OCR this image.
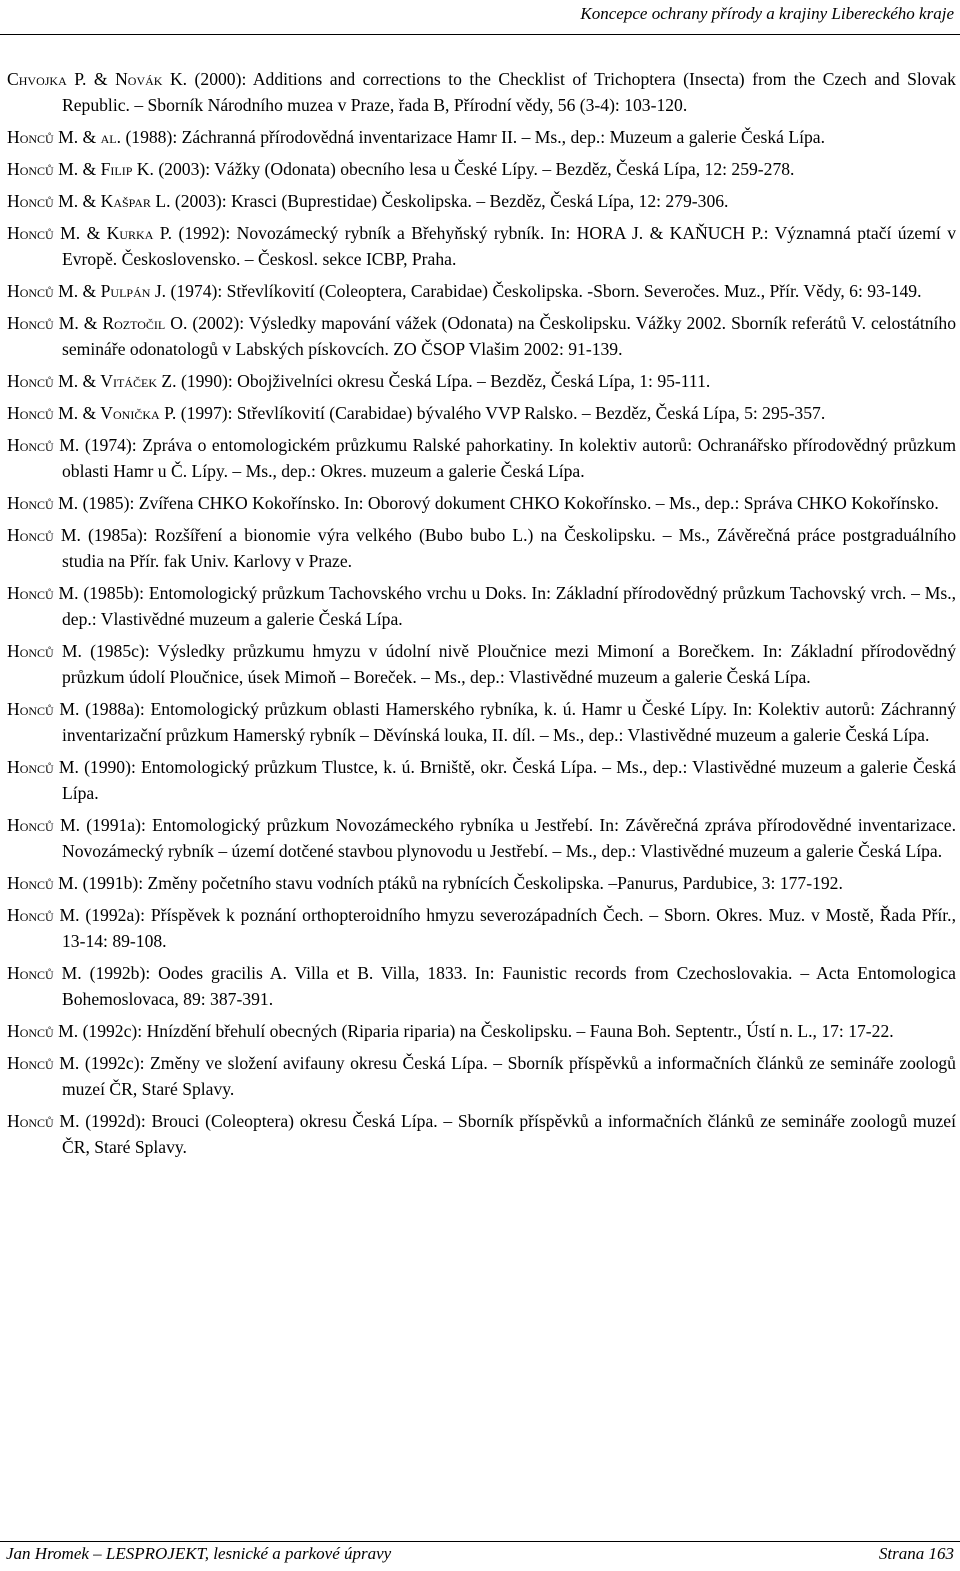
Koncepce ochrany přírody a krajiny Libereckého kraje
Chvojka P. & Novák K. (2000): Additions and corrections to the Checklist of Trichoptera (Insecta) from the Czech and Slovak Republic. – Sborník Národního muzea v Praze, řada B, Přírodní vědy, 56 (3-4): 103-120.
Honců M. & al. (1988): Záchranná přírodovědná inventarizace Hamr II. – Ms., dep.: Muzeum a galerie Česká Lípa.
Honců M. & Filip K. (2003): Vážky (Odonata) obecního lesa u České Lípy. – Bezděz, Česká Lípa, 12: 259-278.
Honců M. & Kašpar L. (2003): Krasci (Buprestidae) Českolipska. – Bezděz, Česká Lípa, 12: 279-306.
Honců M. & Kurka P. (1992): Novozámecký rybník a Břehyňský rybník. In: HORA J. & KAŇUCH P.: Významná ptačí území v Evropě. Československo. – Českosl. sekce ICBP, Praha.
Honců M. & Pulpán J. (1974): Střevlíkovití (Coleoptera, Carabidae) Českolipska. -Sborn. Severočes. Muz., Přír. Vědy, 6: 93-149.
Honců M. & Roztočil O. (2002): Výsledky mapování vážek (Odonata) na Českolipsku. Vážky 2002. Sborník referátů V. celostátního semináře odonatologů v Labských pískovcích. ZO ČSOP Vlašim 2002: 91-139.
Honců M. & Vitáček Z. (1990): Obojživelníci okresu Česká Lípa. – Bezděz, Česká Lípa, 1: 95-111.
Honců M. & Vonička P. (1997): Střevlíkovití (Carabidae) bývalého VVP Ralsko. – Bezděz, Česká Lípa, 5: 295-357.
Honců M. (1974): Zpráva o entomologickém průzkumu Ralské pahorkatiny. In kolektiv autorů: Ochranářsko přírodovědný průzkum oblasti Hamr u Č. Lípy. – Ms., dep.: Okres. muzeum a galerie Česká Lípa.
Honců M. (1985): Zvířena CHKO Kokořínsko. In: Oborový dokument CHKO Kokořínsko. – Ms., dep.: Správa CHKO Kokořínsko.
Honců M. (1985a): Rozšíření a bionomie výra velkého (Bubo bubo L.) na Českolipsku. – Ms., Závěrečná práce postgraduálního studia na Přír. fak Univ. Karlovy v Praze.
Honců M. (1985b): Entomologický průzkum Tachovského vrchu u Doks. In: Základní přírodovědný průzkum Tachovský vrch. – Ms., dep.: Vlastivědné muzeum a galerie Česká Lípa.
Honců M. (1985c): Výsledky průzkumu hmyzu v údolní nivě Ploučnice mezi Mimoní a Borečkem. In: Základní přírodovědný průzkum údolí Ploučnice, úsek Mimoň – Boreček. – Ms., dep.: Vlastivědné muzeum a galerie Česká Lípa.
Honců M. (1988a): Entomologický průzkum oblasti Hamerského rybníka, k. ú. Hamr u České Lípy. In: Kolektiv autorů: Záchranný inventarizační průzkum Hamerský rybník – Děvínská louka, II. díl. – Ms., dep.: Vlastivědné muzeum a galerie Česká Lípa.
Honců M. (1990): Entomologický průzkum Tlustce, k. ú. Brniště, okr. Česká Lípa. – Ms., dep.: Vlastivědné muzeum a galerie Česká Lípa.
Honců M. (1991a): Entomologický průzkum Novozámeckého rybníka u Jestřebí. In: Závěrečná zpráva přírodovědné inventarizace. Novozámecký rybník – území dotčené stavbou plynovodu u Jestřebí. – Ms., dep.: Vlastivědné muzeum a galerie Česká Lípa.
Honců M. (1991b): Změny početního stavu vodních ptáků na rybnících Českolipska. –Panurus, Pardubice, 3: 177-192.
Honců M. (1992a): Příspěvek k poznání orthopteroidního hmyzu severozápadních Čech. – Sborn. Okres. Muz. v Mostě, Řada Přír., 13-14: 89-108.
Honců M. (1992b): Oodes gracilis A. Villa et B. Villa, 1833. In: Faunistic records from Czechoslovakia. – Acta Entomologica Bohemoslovaca, 89: 387-391.
Honců M. (1992c): Hnízdění břehulí obecných (Riparia riparia) na Českolipsku. – Fauna Boh. Septentr., Ústí n. L., 17: 17-22.
Honců M. (1992c): Změny ve složení avifauny okresu Česká Lípa. – Sborník příspěvků a informačních článků ze semináře zoologů muzeí ČR, Staré Splavy.
Honců M. (1992d): Brouci (Coleoptera) okresu Česká Lípa. – Sborník příspěvků a informačních článků ze semináře zoologů muzeí ČR, Staré Splavy.
Jan Hromek – LESPROJEKT, lesnické a parkové úpravy	Strana 163
